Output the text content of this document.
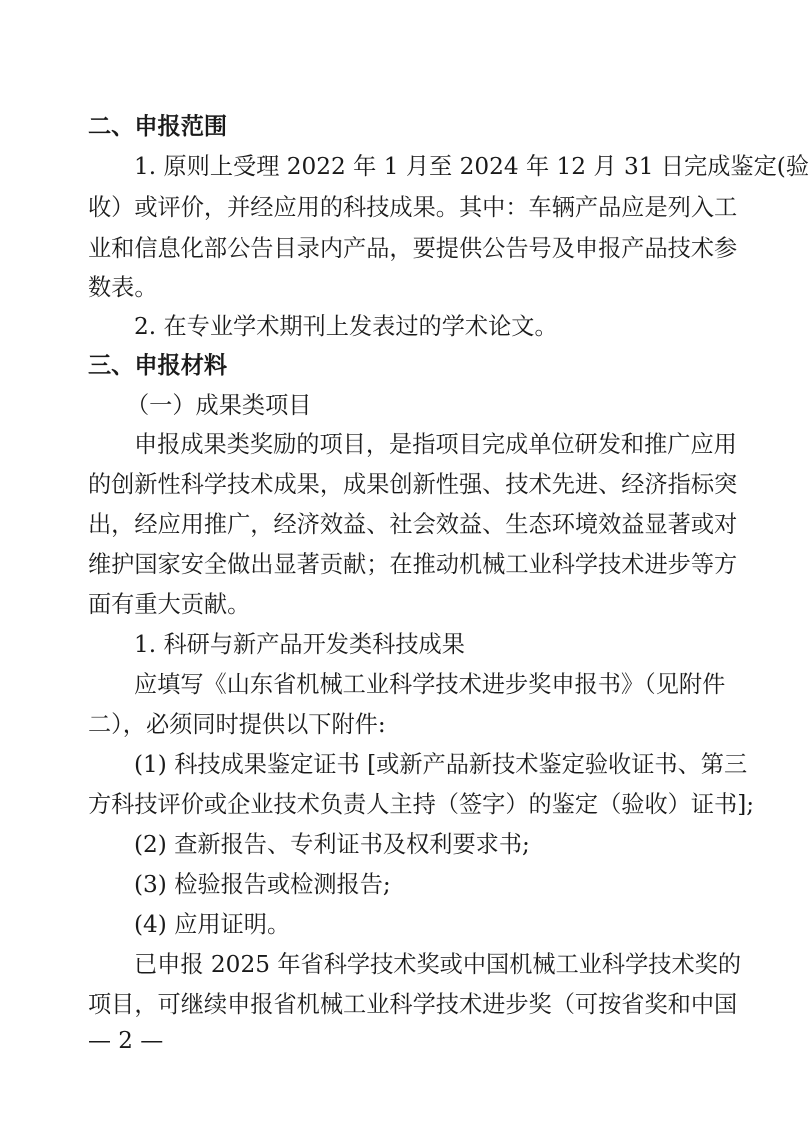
二、申报范围
1. 原则上受理 2022 年 1 月至 2024 年 12 月 31 日完成鉴定(验
收）或评价，并经应用的科技成果。其中：车辆产品应是列入工
业和信息化部公告目录内产品，要提供公告号及申报产品技术参
数表。
2. 在专业学术期刊上发表过的学术论文。
三、申报材料
（一）成果类项目
申报成果类奖励的项目，是指项目完成单位研发和推广应用
的创新性科学技术成果，成果创新性强、技术先进、经济指标突
出，经应用推广，经济效益、社会效益、生态环境效益显著或对
维护国家安全做出显著贡献；在推动机械工业科学技术进步等方
面有重大贡献。
1. 科研与新产品开发类科技成果
应填写《山东省机械工业科学技术进步奖申报书》（见附件
二），必须同时提供以下附件:
(1) 科技成果鉴定证书 [或新产品新技术鉴定验收证书、第三
方科技评价或企业技术负责人主持（签字）的鉴定（验收）证书];
(2) 查新报告、专利证书及权利要求书;
(3) 检验报告或检测报告;
(4) 应用证明。
已申报 2025 年省科学技术奖或中国机械工业科学技术奖的
项目，可继续申报省机械工业科学技术进步奖（可按省奖和中国
— 2 —
